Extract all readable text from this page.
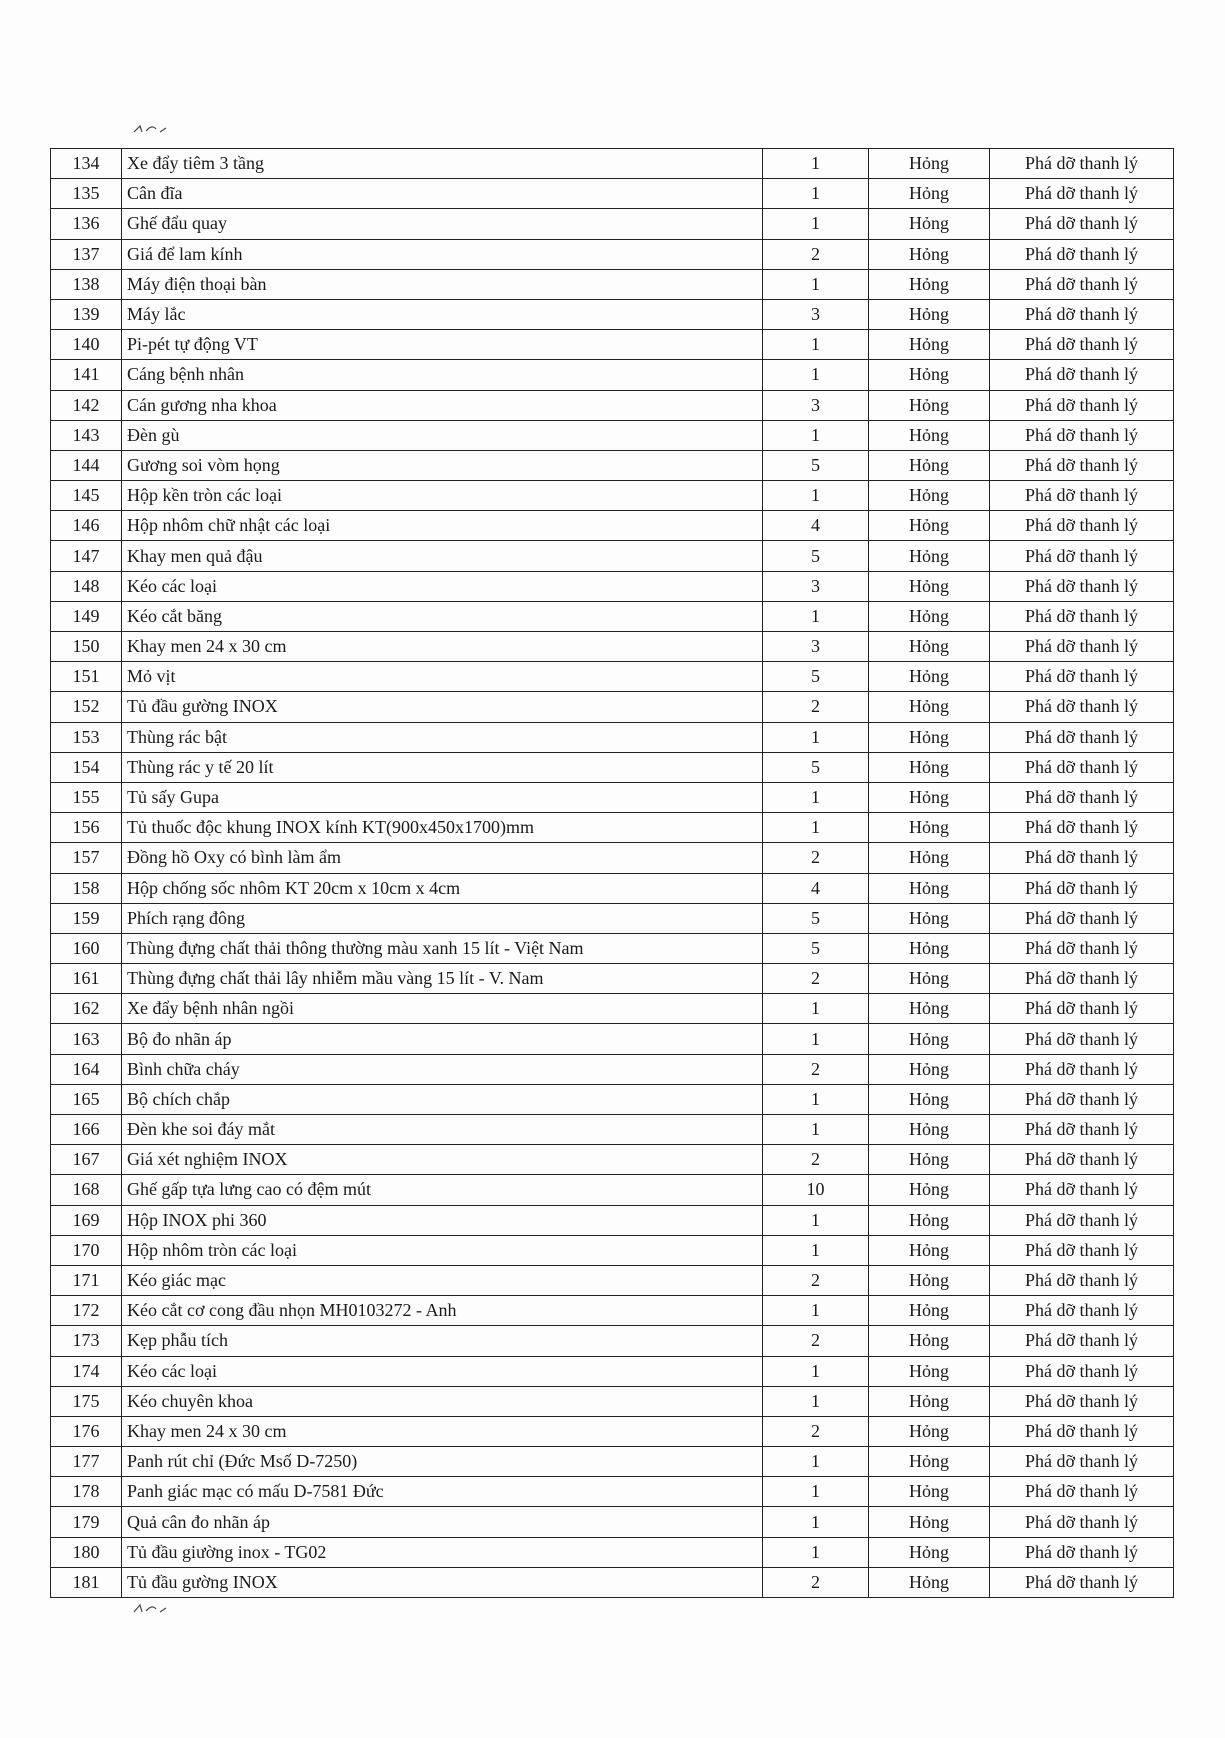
134	Xe đẩy tiêm 3 tầng	1	Hỏng	Phá dỡ thanh lý
135	Cân đĩa	1	Hỏng	Phá dỡ thanh lý
136	Ghế đẩu quay	1	Hỏng	Phá dỡ thanh lý
137	Giá để lam kính	2	Hỏng	Phá dỡ thanh lý
138	Máy điện thoại bàn	1	Hỏng	Phá dỡ thanh lý
139	Máy lắc	3	Hỏng	Phá dỡ thanh lý
140	Pi-pét tự động VT	1	Hỏng	Phá dỡ thanh lý
141	Cáng bệnh nhân	1	Hỏng	Phá dỡ thanh lý
142	Cán gương nha khoa	3	Hỏng	Phá dỡ thanh lý
143	Đèn gù	1	Hỏng	Phá dỡ thanh lý
144	Gương soi vòm họng	5	Hỏng	Phá dỡ thanh lý
145	Hộp kền tròn các loại	1	Hỏng	Phá dỡ thanh lý
146	Hộp nhôm chữ nhật các loại	4	Hỏng	Phá dỡ thanh lý
147	Khay men quả đậu	5	Hỏng	Phá dỡ thanh lý
148	Kéo các loại	3	Hỏng	Phá dỡ thanh lý
149	Kéo cắt băng	1	Hỏng	Phá dỡ thanh lý
150	Khay men 24 x 30 cm	3	Hỏng	Phá dỡ thanh lý
151	Mỏ vịt	5	Hỏng	Phá dỡ thanh lý
152	Tủ đầu gường INOX	2	Hỏng	Phá dỡ thanh lý
153	Thùng rác bật	1	Hỏng	Phá dỡ thanh lý
154	Thùng rác y tế 20 lít	5	Hỏng	Phá dỡ thanh lý
155	Tủ sấy Gupa	1	Hỏng	Phá dỡ thanh lý
156	Tủ thuốc độc khung INOX kính KT(900x450x1700)mm	1	Hỏng	Phá dỡ thanh lý
157	Đồng hồ Oxy có bình làm ẩm	2	Hỏng	Phá dỡ thanh lý
158	Hộp chống sốc nhôm KT 20cm x 10cm x 4cm	4	Hỏng	Phá dỡ thanh lý
159	Phích rạng đông	5	Hỏng	Phá dỡ thanh lý
160	Thùng đựng chất thải thông thường màu xanh 15 lít - Việt Nam	5	Hỏng	Phá dỡ thanh lý
161	Thùng đựng chất thải lây nhiễm mầu vàng 15 lít - V. Nam	2	Hỏng	Phá dỡ thanh lý
162	Xe đẩy bệnh nhân ngồi	1	Hỏng	Phá dỡ thanh lý
163	Bộ đo nhãn áp	1	Hỏng	Phá dỡ thanh lý
164	Bình chữa cháy	2	Hỏng	Phá dỡ thanh lý
165	Bộ chích chắp	1	Hỏng	Phá dỡ thanh lý
166	Đèn khe soi đáy mắt	1	Hỏng	Phá dỡ thanh lý
167	Giá xét nghiệm INOX	2	Hỏng	Phá dỡ thanh lý
168	Ghế gấp tựa lưng cao có đệm mút	10	Hỏng	Phá dỡ thanh lý
169	Hộp INOX phi 360	1	Hỏng	Phá dỡ thanh lý
170	Hộp nhôm tròn các loại	1	Hỏng	Phá dỡ thanh lý
171	Kéo giác mạc	2	Hỏng	Phá dỡ thanh lý
172	Kéo cắt cơ cong đầu nhọn MH0103272 - Anh	1	Hỏng	Phá dỡ thanh lý
173	Kẹp phẫu tích	2	Hỏng	Phá dỡ thanh lý
174	Kéo các loại	1	Hỏng	Phá dỡ thanh lý
175	Kéo chuyên khoa	1	Hỏng	Phá dỡ thanh lý
176	Khay men 24 x 30 cm	2	Hỏng	Phá dỡ thanh lý
177	Panh rút chỉ (Đức Msố D-7250)	1	Hỏng	Phá dỡ thanh lý
178	Panh giác mạc có mấu D-7581 Đức	1	Hỏng	Phá dỡ thanh lý
179	Quả cân đo nhãn áp	1	Hỏng	Phá dỡ thanh lý
180	Tủ đầu giường inox - TG02	1	Hỏng	Phá dỡ thanh lý
181	Tủ đầu gường INOX	2	Hỏng	Phá dỡ thanh lý
